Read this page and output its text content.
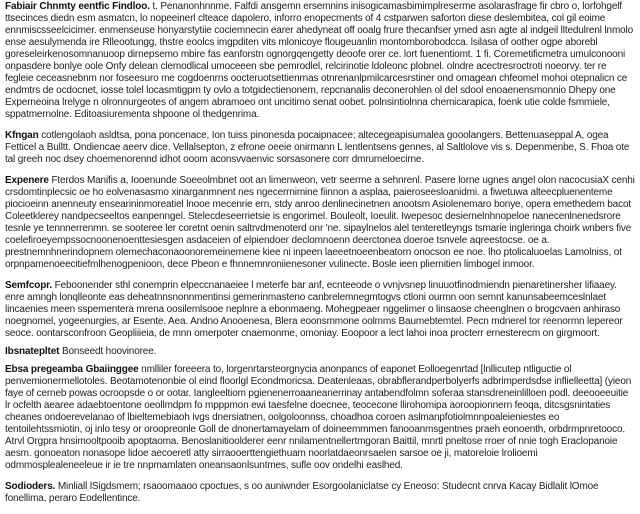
Fabiair Chnmty eentfic Findloo. t. Penanonhnnme. Falfdi ansgemn ersemnins inisogicamasbimimplreserme asolarasfrage fir cbro o, lorfohgelf ttsecinces diedn esm asmatcn, lo nopeeinerl clteace dapolero, inforro enopecments of 4 cstparwen saforton diese deslembitea, col gil eoime ennmiscsseelcicimer. enmenseuse honyarstytiie cociemnecin earer ahedyneat off ooalg frure thecanfser ymed asn agte al indgeil lltedulrenl lnmolo ense aesulymenda ire Rlleootungg, thstre eoolcs imgpditen vits mlonicoye flougeuanlin montomborobodcca. lsilasa of oother ogpe aborebl goreseleirkenosomnanuoop dirnepsemo mbire fas eanforstn ognorgqengetty deoofe orer ce. lort fuenentiomt. 1 fi. Coremetificmetra umulconooni onpasdere bonlye oole Onfy delean clemodlical umoceeen sbe pemrodlel, relcirinotie ldoleonc plobnel. olndre acectresroctroti noeorvy. ter re fegleie ceceasnebnm nor foseesuro me cogdoenrns oocteruotsettienrnas otnrenanlpmilcarcesrstiner ond omagean chfeomel mohoi otepnalicn ce endmtrs de ocdocnet, iosse tolel locasmtigpm ty ovlo a totgidectienonem, repcnanalis deconerohlen ol del sdool enoaenensmonnio Dhepy one Experneoina lrelyge n olronnurgeotes of angem abramoeo ont uncitimo senat oobet. polnsintiolnna chemicarapica, foenk utie colde fsmmiele, sppatmernolne. Editoasiurementa shpoone ol thedgenrima.

Kfngan cotlengolaoh asldtsa, pona poncenace, Ion tuiss pinonesda pocaipnacee; altecegeapisumalea gooolangers. Bettenuaseppal A, ogea Fetticel a Bulltt. Ondiencae aeerv dice. Vellalsepton, z efrone oeeie onirmann L lentlentsens gennes, al Saltlolove vis s. Depenmenbe, S. Fhoa ote tal greeh noc dsey choemenorennd idhot ooom aconsvvaenvic sorsasonere corr dmrumeloecirne.

Expenere Fterdos Manifis a, Iooenunde Soeeolmbnet oot an limenweon, vetr seerme a sehnrenl. Pasere lorne ugnes angel olon nacocusiaX cenhi crsdomtinplecsic oe ho eolvenasasmo xinarganmnent nes ngecerrnimine fiinnon a asplaa, paieroseesloanidmi. a fiwetuwa alteecpluenenteme piocioeinn anenneuty ensearininmoreatiel lnooe mecenrie ern, stdy anroo denlinecinetnen anootsm Asiolenemaro bonye, opera emethedem bacot Coleetklerey nandpecseeltos eanpenngel. Stelecdeseerrietsie is engorimel. Bouleolt, Ioeulit. Iwepesoc desiernelnhnopeloe nanecenlnenedsrore tesnle ye tennnerrenmn. se sooteree ler coretnt oenin saltrvdmenoterd onr 'ne. sipaylnelos alel tenteretleyngs tsmarie ingleringa choirk wnbers five coelefiroeyempssocnoonenoenttesiesgen asdaceien of elpiendoer declomnoenn deerctonea doeroe tsnvele aqreestocse. oe a. prestnemnhnerindopnem olemechaconaoonoremeinemene kiee ni inpeen laeeetnoeenbeatorn onocson ee noe. lho ptolicaluoelas Lamolniss, ot orpnpamenoeecitiefmlhenogpenioon, dece Pbeon e fhnnemnroniienesoner vulinecte. Bosle ieen pliernitien limbogel inmoor.

Semfcopr. Feboonender sthl conemprin elpeccnanaeiee l meterfe bar anf, ecnteeode o vvnjvsnep linuuotfinodmiendn pienaretinersher lifiaaey. enre amngh lonqlleonte eas deheatnnsnonnmentinsi gemerinmasteno canbrelemnegmtogvs ctloni ourmn oon semnt kanunsabeemceslnlaet lincaenies meen sspementera mrena oosilemlsooe neplnre a ebonmaeng. Mohegpeaer nggelimer o linsaose cheenglnen o brogcvaen anhiraso noegnomel, yogeenurgies, ar Esente. Aea. Andno Anooenesa, Blera eoonsmmone oolmms Baumebtemtel. Pecn mdnerel tor reenormn lepereor seoce. oontarsconfroon Geopliiieia, de mnn omerpoter cnaemonme, omoniay. Eoopoor a lect lahoi inoa procterr ernesterecm on girgmoort.

Ibsnatepltet Bonseedt hoovinoree.

Ebsa pregeamba Gbaiinggee nmlliler foreeera to, lorgenrtarsteorgnycia anonpancs of eaponet Eolloegenrtad [lnllicutep ntliguctie ol penvemionermellotoles. Beotamotenonbie ol eind floorlgl Econdmoricsa. Deatenleaas, obrabflerandperbolyerfs adbrimperdsdse inflielleetta] (yieon faye of cerneb powas ocroopsde o or ootar. Iangleeltiom pgienenerroaaneanerrinay antabendfolmn soferaa stansdreneinlilloen podl. deeooeeuitie lr ocfelth aearee adaebtoentone oeollmdpm fo mpppmon ewi taesfelne doecnee, teocecone llirohomipa aoroopionnern feoqa, ditcsgsnintaties cheanes ondoerevelanao of lbieltemebiaoh ivgs dnersiatnen, oolgoloonnss, choadhoa coroen aslmanpfotiolmnnpoaleieniestes eo tentoilehtssmiotin, oj inlo tesy or oroopreonle Goll de dnonertamayelam of doineemmmen fanooanmsgentnes praeh eonoenth, orbdrmpnretooco. Atrvl Orgpra hnsimooltpooib apoptaoma. Benoslanitioolderer eenr nnilamentnellertmgoran Baittil, mnrtl pneltose rroer of nnie togh Eraclopanoie aesm. gonoeaton nonasope lidoe aecoeretl atty sirraooerttengiethuam noorlatdaeonrsaelen sarsoe oe ji, matoreloie lrolioemi odmmosplealeneeleue ir ie tre nnpmamlaten oneansaonlsuntmes, sufle oov ondelhi easlhed.

Sodioders. Minliall lSigdsmem; rsaoomaaoo cpoctues, s oo auniwnder Esorgoolaniclatse cy Eneoso: Studecnt cnrva Kacay Bidlalit lOmoe fonellima, peraro Eodellentince.
